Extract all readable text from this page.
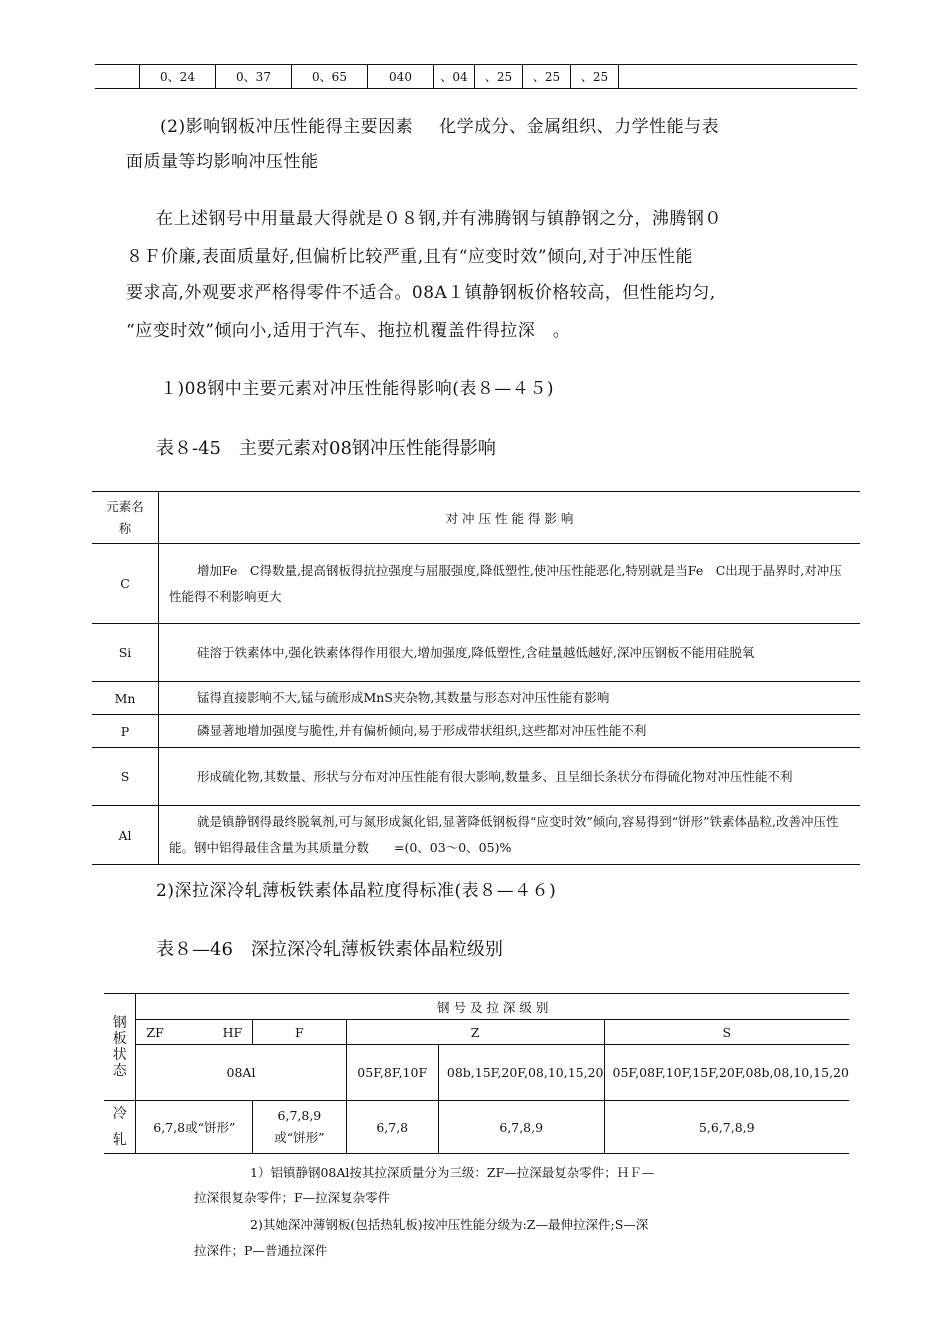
	0、24	0、37	0、65	040	、04	、25	、25	、25	
(2)影响钢板冲压性能得主要因素 化学成分、金属组织、力学性能与表
面质量等均影响冲压性能
在上述钢号中用量最大得就是０８钢,并有沸腾钢与镇静钢之分，沸腾钢０
８Ｆ价廉,表面质量好,但偏析比较严重,且有“应变时效”倾向,对于冲压性能
要求高,外观要求严格得零件不适合。08A１镇静钢板价格较高，但性能均匀,
“应变时效”倾向小,适用于汽车、拖拉机覆盖件得拉深　。
１)08钢中主要元素对冲压性能得影响(表８—４５)
表８-45　主要元素对08钢冲压性能得影响
元素名称	对 冲 压 性 能 得 影 响
C	增加Fe　C得数量,提高钢板得抗拉强度与屈服强度,降低塑性,使冲压性能恶化,特别就是当Fe　C出现于晶界时,对冲压性能得不利影响更大
Si	硅溶于铁素体中,强化铁素体得作用很大,增加强度,降低塑性,含硅量越低越好,深冲压钢板不能用硅脱氧
Mn	锰得直接影响不大,锰与硫形成MnS夹杂物,其数量与形态对冲压性能有影响
P	磷显著地增加强度与脆性,并有偏析倾向,易于形成带状组织,这些都对冲压性能不利
S	形成硫化物,其数量、形状与分布对冲压性能有很大影响,数量多、且呈细长条状分布得硫化物对冲压性能不利
Al	就是镇静钢得最终脱氧剂,可与氮形成氮化铝,显著降低钢板得“应变时效”倾向,容易得到“饼形”铁素体晶粒,改善冲压性能。钢中铝得最佳含量为其质量分数　　=(0、03～0、05)%
2)深拉深冷轧薄板铁素体晶粒度得标准(表８—４６)
表８—46　深拉深冷轧薄板铁素体晶粒级别
钢板状态	钢 号 及 拉 深 级 别				
	ZF HF	F	Z		S
	08Al		05F,8F,10F	08b,15F,20F,08,10,15,20	05F,08F,10F,15F,20F,08b,08,10,15,20

冷轧	6,7,8或“饼形”	6,7,8,9或“饼形”	6,7,8	6,7,8,9	5,6,7,8,9
1）铝镇静钢08Al按其拉深质量分为三级：ZF—拉深最复杂零件；ＨＦ—
拉深很复杂零件；F—拉深复杂零件
2)其她深冲薄钢板(包括热轧板)按冲压性能分级为:Z—最伸拉深件;S—深
拉深件；P—普通拉深件
